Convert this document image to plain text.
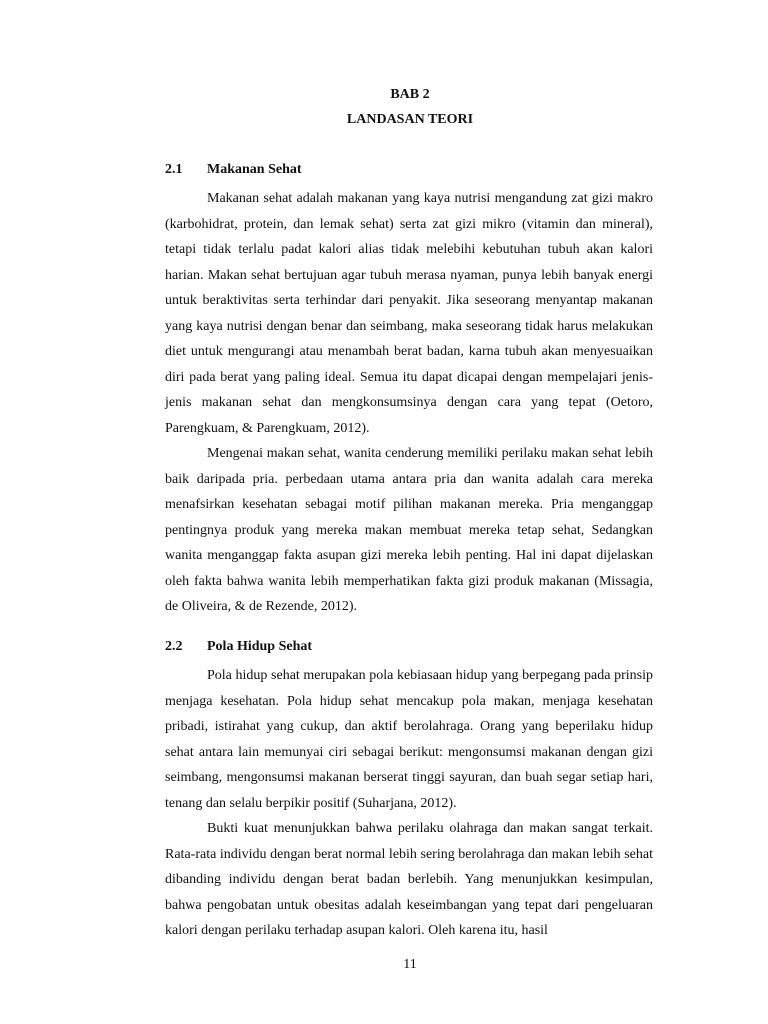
BAB 2
LANDASAN TEORI
2.1 Makanan Sehat

Makanan sehat adalah makanan yang kaya nutrisi mengandung zat gizi makro (karbohidrat, protein, dan lemak sehat) serta zat gizi mikro (vitamin dan mineral), tetapi tidak terlalu padat kalori alias tidak melebihi kebutuhan tubuh akan kalori harian. Makan sehat bertujuan agar tubuh merasa nyaman, punya lebih banyak energi untuk beraktivitas serta terhindar dari penyakit. Jika seseorang menyantap makanan yang kaya nutrisi dengan benar dan seimbang, maka seseorang tidak harus melakukan diet untuk mengurangi atau menambah berat badan, karna tubuh akan menyesuaikan diri pada berat yang paling ideal. Semua itu dapat dicapai dengan mempelajari jenis-jenis makanan sehat dan mengkonsumsinya dengan cara yang tepat (Oetoro, Parengkuam, & Parengkuam, 2012).

Mengenai makan sehat, wanita cenderung memiliki perilaku makan sehat lebih baik daripada pria. perbedaan utama antara pria dan wanita adalah cara mereka menafsirkan kesehatan sebagai motif pilihan makanan mereka. Pria menganggap pentingnya produk yang mereka makan membuat mereka tetap sehat, Sedangkan wanita menganggap fakta asupan gizi mereka lebih penting. Hal ini dapat dijelaskan oleh fakta bahwa wanita lebih memperhatikan fakta gizi produk makanan (Missagia, de Oliveira, & de Rezende, 2012).

2.2 Pola Hidup Sehat

Pola hidup sehat merupakan pola kebiasaan hidup yang berpegang pada prinsip menjaga kesehatan. Pola hidup sehat mencakup pola makan, menjaga kesehatan pribadi, istirahat yang cukup, dan aktif berolahraga. Orang yang beperilaku hidup sehat antara lain memunyai ciri sebagai berikut: mengonsumsi makanan dengan gizi seimbang, mengonsumsi makanan berserat tinggi sayuran, dan buah segar setiap hari, tenang dan selalu berpikir positif (Suharjana, 2012).

Bukti kuat menunjukkan bahwa perilaku olahraga dan makan sangat terkait. Rata-rata individu dengan berat normal lebih sering berolahraga dan makan lebih sehat dibanding individu dengan berat badan berlebih. Yang menunjukkan kesimpulan, bahwa pengobatan untuk obesitas adalah keseimbangan yang tepat dari pengeluaran kalori dengan perilaku terhadap asupan kalori. Oleh karena itu, hasil

11
